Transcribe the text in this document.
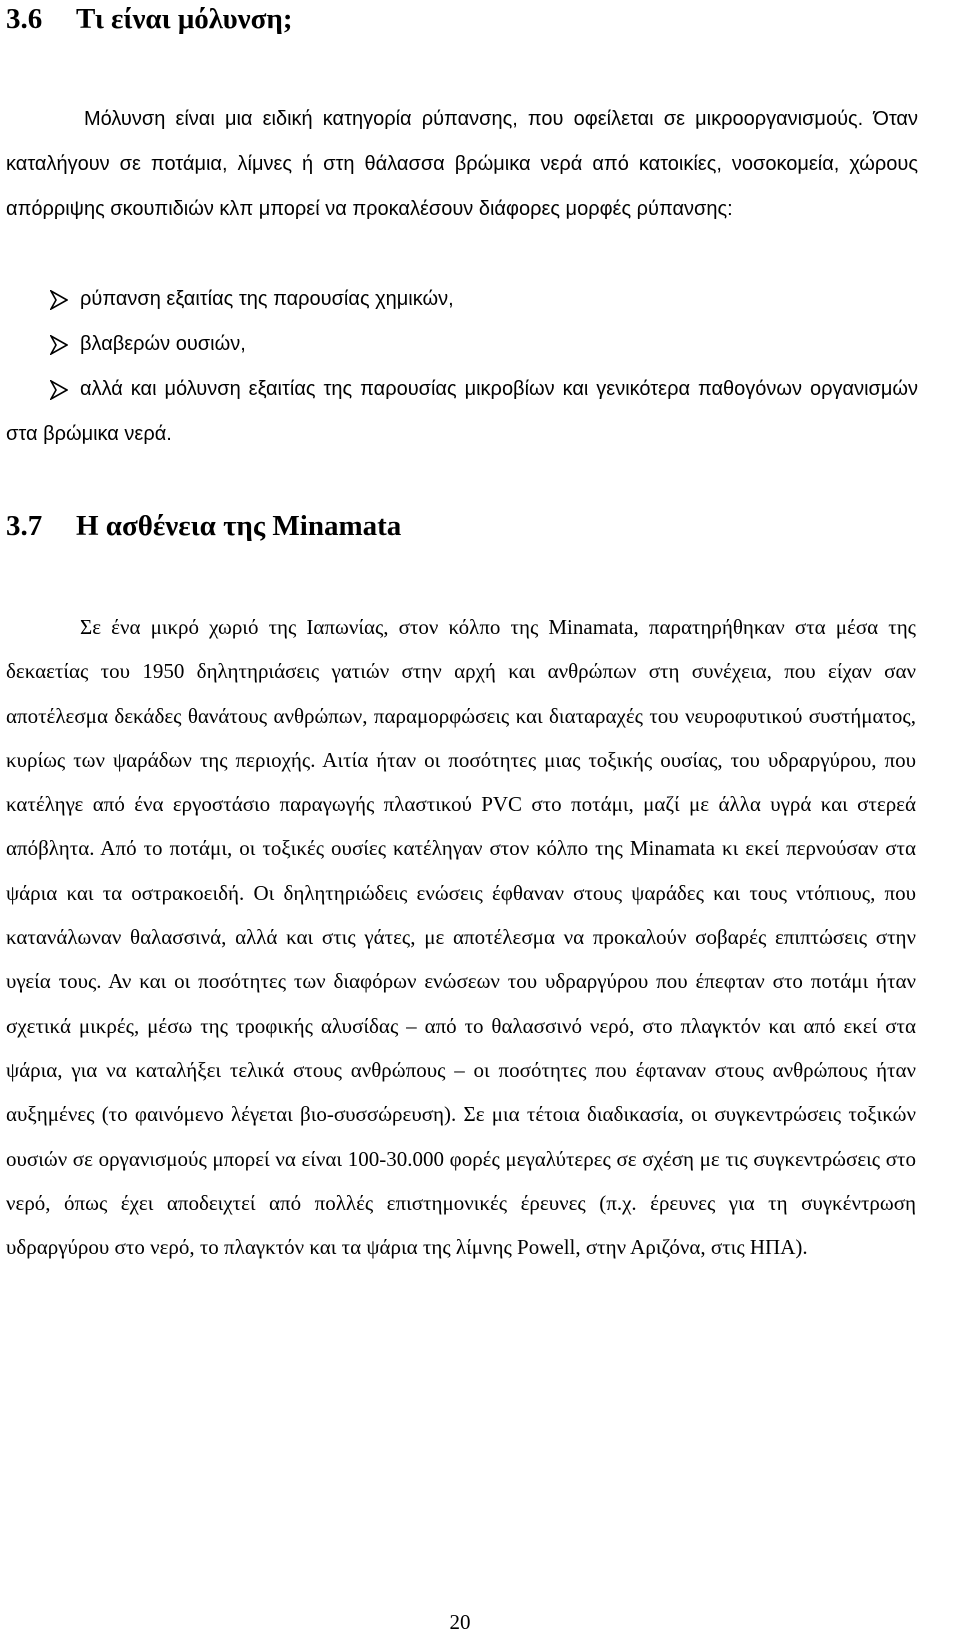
3.6 Τι είναι μόλυνση;

Μόλυνση είναι μια ειδική κατηγορία ρύπανσης, που οφείλεται σε μικροοργανισμούς. Όταν καταλήγουν σε ποτάμια, λίμνες ή στη θάλασσα βρώμικα νερά από κατοικίες, νοσοκομεία, χώρους απόρριψης σκουπιδιών κλπ μπορεί να προκαλέσουν διάφορες μορφές ρύπανσης:

ρύπανση εξαιτίας της παρουσίας χημικών,
βλαβερών ουσιών,
αλλά και μόλυνση εξαιτίας της παρουσίας μικροβίων και γενικότερα παθογόνων οργανισμών στα βρώμικα νερά.
3.7 Η ασθένεια της Minamata

Σε ένα μικρό χωριό της Ιαπωνίας, στον κόλπο της Minamata, παρατηρήθηκαν στα μέσα της δεκαετίας του 1950 δηλητηριάσεις γατιών στην αρχή και ανθρώπων στη συνέχεια, που είχαν σαν αποτέλεσμα δεκάδες θανάτους ανθρώπων, παραμορφώσεις και διαταραχές του νευροφυτικού συστήματος, κυρίως των ψαράδων της περιοχής. Αιτία ήταν οι ποσότητες μιας τοξικής ουσίας, του υδραργύρου, που κατέληγε από ένα εργοστάσιο παραγωγής πλαστικού PVC στο ποτάμι, μαζί με άλλα υγρά και στερεά απόβλητα. Από το ποτάμι, οι τοξικές ουσίες κατέληγαν στον κόλπο της Minamata κι εκεί περνούσαν στα ψάρια και τα οστρακοειδή. Οι δηλητηριώδεις ενώσεις έφθαναν στους ψαράδες και τους ντόπιους, που κατανάλωναν θαλασσινά, αλλά και στις γάτες, με αποτέλεσμα να προκαλούν σοβαρές επιπτώσεις στην υγεία τους. Αν και οι ποσότητες των διαφόρων ενώσεων του υδραργύρου που έπεφταν στο ποτάμι ήταν σχετικά μικρές, μέσω της τροφικής αλυσίδας – από το θαλασσινό νερό, στο πλαγκτόν και από εκεί στα ψάρια, για να καταλήξει τελικά στους ανθρώπους – οι ποσότητες που έφταναν στους ανθρώπους ήταν αυξημένες (το φαινόμενο λέγεται βιο-συσσώρευση). Σε μια τέτοια διαδικασία, οι συγκεντρώσεις τοξικών ουσιών σε οργανισμούς μπορεί να είναι 100-30.000 φορές μεγαλύτερες σε σχέση με τις συγκεντρώσεις στο νερό, όπως έχει αποδειχτεί από πολλές επιστημονικές έρευνες (π.χ. έρευνες για τη συγκέντρωση υδραργύρου στο νερό, το πλαγκτόν και τα ψάρια της λίμνης Powell, στην Αριζόνα, στις ΗΠΑ).

20
